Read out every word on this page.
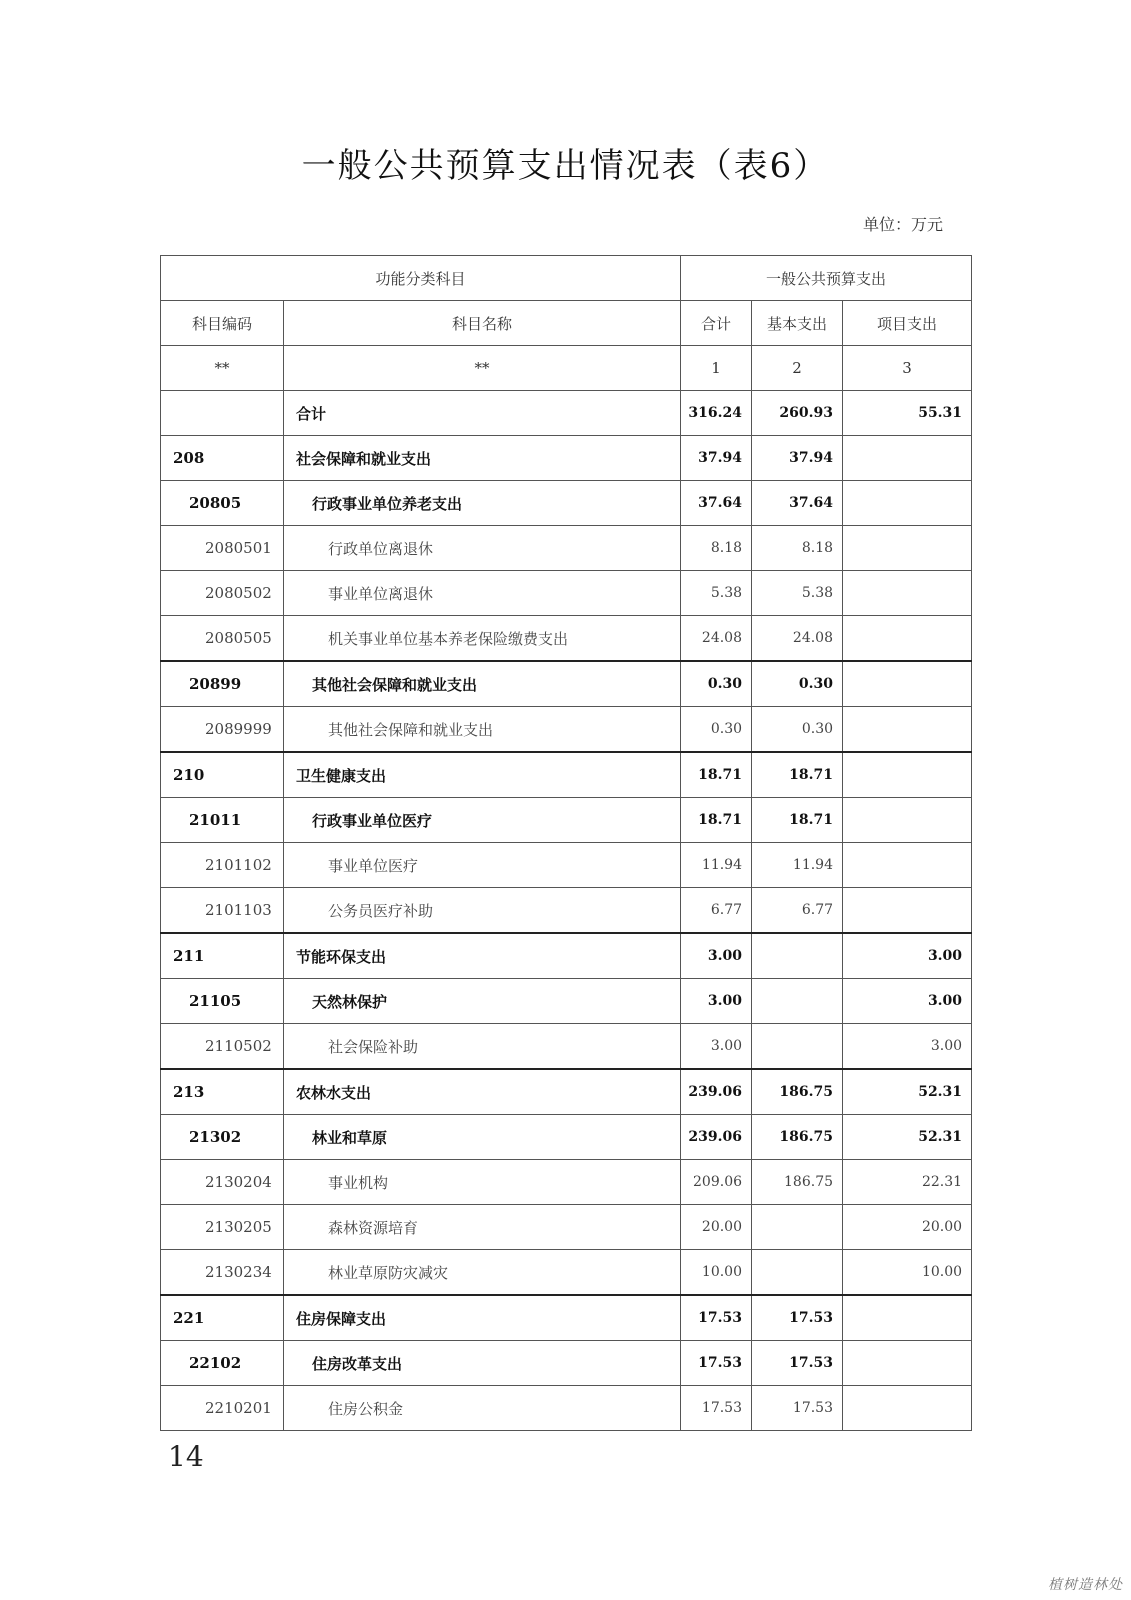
一般公共预算支出情况表（表6）
单位：万元
功能分类科目		一般公共预算支出		
科目编码	科目名称	合计	基本支出	项目支出
**	**	1	2	3
	合计	316.24	260.93	55.31
208	社会保障和就业支出	37.94	37.94	
20805	行政事业单位养老支出	37.64	37.64	
2080501	行政单位离退休	8.18	8.18	
2080502	事业单位离退休	5.38	5.38	
2080505	机关事业单位基本养老保险缴费支出	24.08	24.08	
20899	其他社会保障和就业支出	0.30	0.30	
2089999	其他社会保障和就业支出	0.30	0.30	
210	卫生健康支出	18.71	18.71	
21011	行政事业单位医疗	18.71	18.71	
2101102	事业单位医疗	11.94	11.94	
2101103	公务员医疗补助	6.77	6.77	
211	节能环保支出	3.00		3.00
21105	天然林保护	3.00		3.00
2110502	社会保险补助	3.00		3.00
213	农林水支出	239.06	186.75	52.31
21302	林业和草原	239.06	186.75	52.31
2130204	事业机构	209.06	186.75	22.31
2130205	森林资源培育	20.00		20.00
2130234	林业草原防灾减灾	10.00		10.00
221	住房保障支出	17.53	17.53	
22102	住房改革支出	17.53	17.53	
2210201	住房公积金	17.53	17.53	
14
植树造林处
